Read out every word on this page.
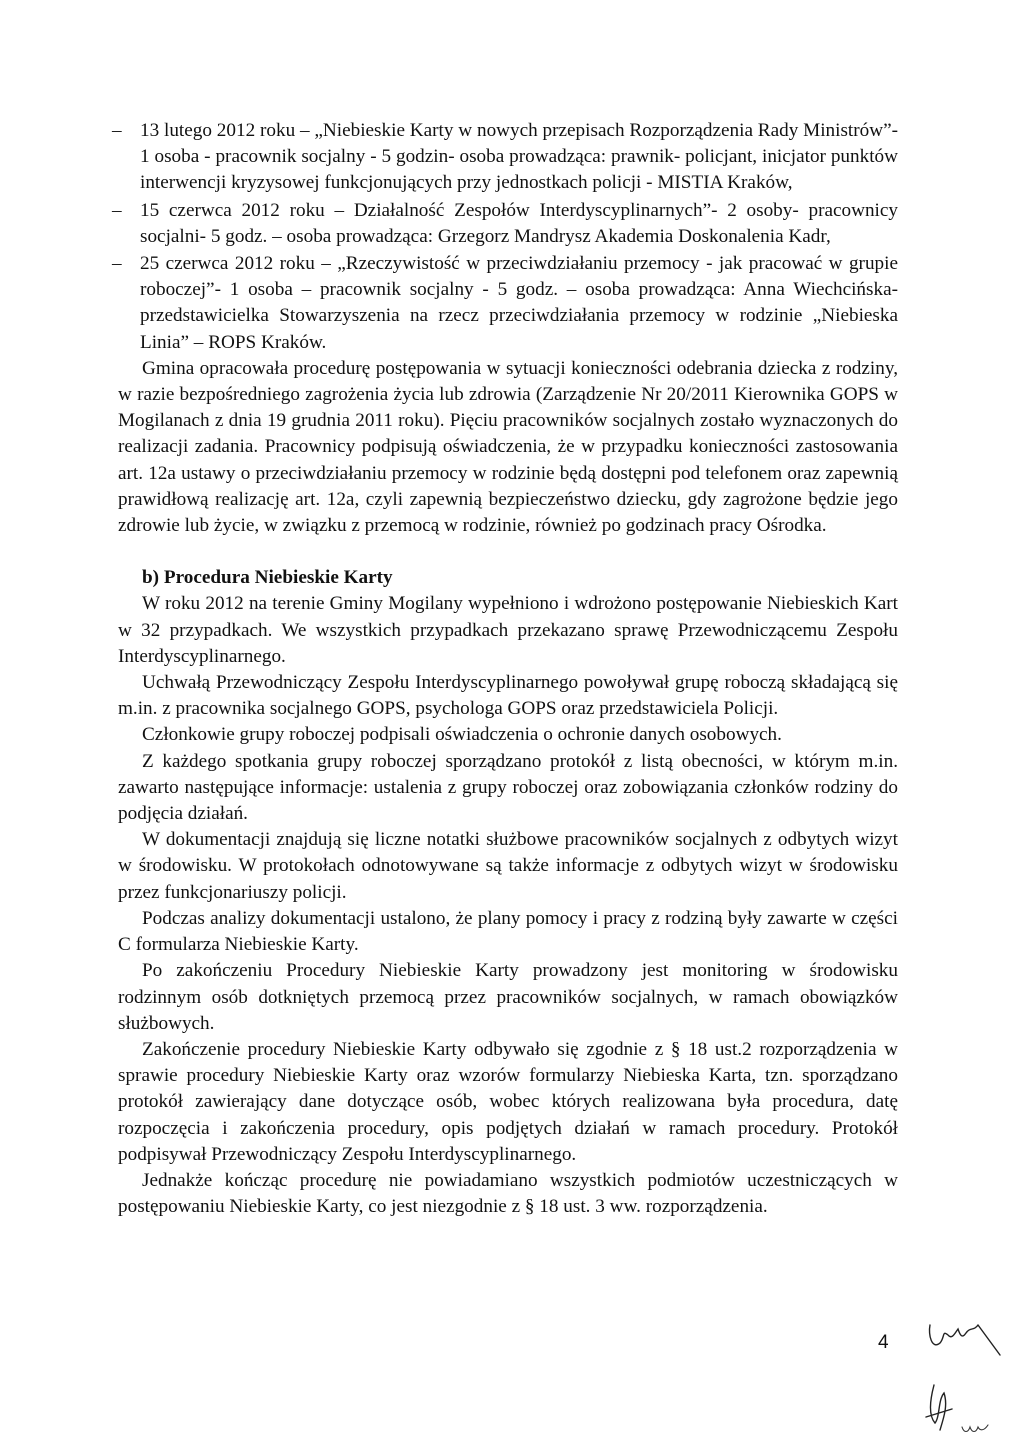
– 13 lutego 2012 roku – „Niebieskie Karty w nowych przepisach Rozporządzenia Rady Ministrów”- 1 osoba - pracownik socjalny - 5 godzin- osoba prowadząca: prawnik- policjant, inicjator punktów interwencji kryzysowej funkcjonujących przy jednostkach policji - MISTIA Kraków,
– 15 czerwca 2012 roku – Działalność Zespołów Interdyscyplinarnych”- 2 osoby- pracownicy socjalni- 5 godz. – osoba prowadząca: Grzegorz Mandrysz Akademia Doskonalenia Kadr,
– 25 czerwca 2012 roku – „Rzeczywistość w przeciwdziałaniu przemocy - jak pracować w grupie roboczej”- 1 osoba – pracownik socjalny - 5 godz. – osoba prowadząca: Anna Wiechcińska- przedstawicielka Stowarzyszenia na rzecz przeciwdziałania przemocy w rodzinie „Niebieska Linia” – ROPS Kraków.

Gmina opracowała procedurę postępowania w sytuacji konieczności odebrania dziecka z rodziny, w razie bezpośredniego zagrożenia życia lub zdrowia (Zarządzenie Nr 20/2011 Kierownika GOPS w Mogilanach z dnia 19 grudnia 2011 roku). Pięciu pracowników socjalnych zostało wyznaczonych do realizacji zadania. Pracownicy podpisują oświadczenia, że w przypadku konieczności zastosowania art. 12a ustawy o przeciwdziałaniu przemocy w rodzinie będą dostępni pod telefonem oraz zapewnią prawidłową realizację art. 12a, czyli zapewnią bezpieczeństwo dziecku, gdy zagrożone będzie jego zdrowie lub życie, w związku z przemocą w rodzinie, również po godzinach pracy Ośrodka.

b) Procedura Niebieskie Karty

W roku 2012 na terenie Gminy Mogilany wypełniono i wdrożono postępowanie Niebieskich Kart w 32 przypadkach. We wszystkich przypadkach przekazano sprawę Przewodniczącemu Zespołu Interdyscyplinarnego.

Uchwałą Przewodniczący Zespołu Interdyscyplinarnego powoływał grupę roboczą składającą się m.in. z pracownika socjalnego GOPS, psychologa GOPS oraz przedstawiciela Policji.

Członkowie grupy roboczej podpisali oświadczenia o ochronie danych osobowych.

Z każdego spotkania grupy roboczej sporządzano protokół z listą obecności, w którym m.in. zawarto następujące informacje: ustalenia z grupy roboczej oraz zobowiązania członków rodziny do podjęcia działań.

W dokumentacji znajdują się liczne notatki służbowe pracowników socjalnych z odbytych wizyt w środowisku. W protokołach odnotowywane są także informacje z odbytych wizyt w środowisku przez funkcjonariuszy policji.

Podczas analizy dokumentacji ustalono, że plany pomocy i pracy z rodziną były zawarte w części C formularza Niebieskie Karty.

Po zakończeniu Procedury Niebieskie Karty prowadzony jest monitoring w środowisku rodzinnym osób dotkniętych przemocą przez pracowników socjalnych, w ramach obowiązków służbowych.

Zakończenie procedury Niebieskie Karty odbywało się zgodnie z § 18 ust.2 rozporządzenia w sprawie procedury Niebieskie Karty oraz wzorów formularzy Niebieska Karta, tzn. sporządzano protokół zawierający dane dotyczące osób, wobec których realizowana była procedura, datę rozpoczęcia i zakończenia procedury, opis podjętych działań w ramach procedury. Protokół podpisywał Przewodniczący Zespołu Interdyscyplinarnego.

Jednakże kończąc procedurę nie powiadamiano wszystkich podmiotów uczestniczących w postępowaniu Niebieskie Karty, co jest niezgodnie z § 18 ust. 3 ww. rozporządzenia.

4
